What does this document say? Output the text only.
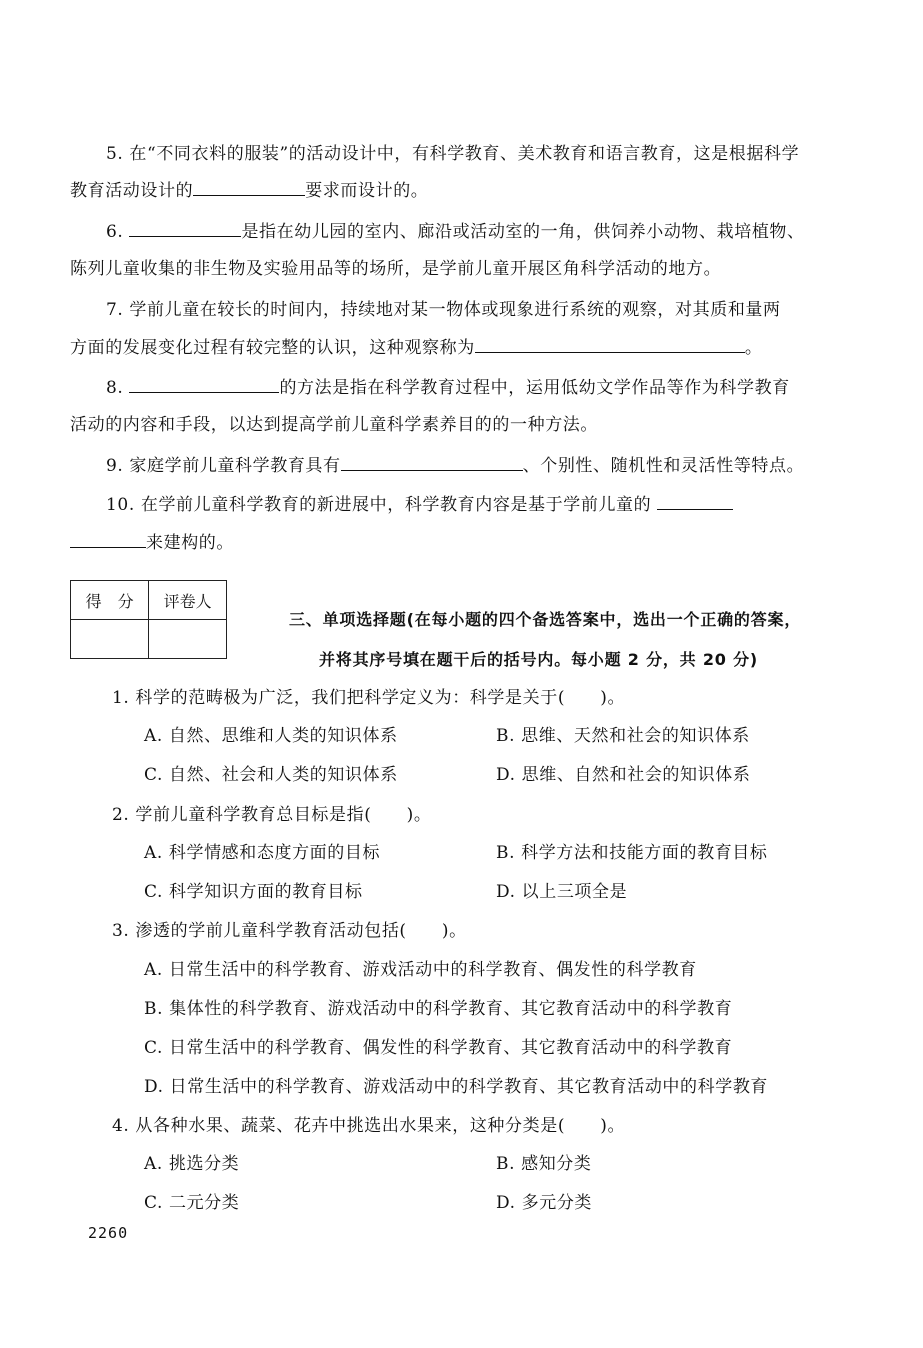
5. 在“不同衣料的服装”的活动设计中，有科学教育、美术教育和语言教育，这是根据科学
教育活动设计的	要求而设计的。
6.	是指在幼儿园的室内、廊沿或活动室的一角，供饲养小动物、栽培植物、
陈列儿童收集的非生物及实验用品等的场所，是学前儿童开展区角科学活动的地方。
7. 学前儿童在较长的时间内，持续地对某一物体或现象进行系统的观察，对其质和量两
方面的发展变化过程有较完整的认识，这种观察称为	。
8.	的方法是指在科学教育过程中，运用低幼文学作品等作为科学教育
活动的内容和手段，以达到提高学前儿童科学素养目的的一种方法。
9. 家庭学前儿童科学教育具有	、个别性、随机性和灵活性等特点。
10. 在学前儿童科学教育的新进展中，科学教育内容是基于学前儿童的
来建构的。
得　分	评卷人

三、单项选择题(在每小题的四个备选答案中，选出一个正确的答案，
并将其序号填在题干后的括号内。每小题 2 分，共 20 分)
1. 科学的范畴极为广泛，我们把科学定义为：科学是关于(　　)。
A. 自然、思维和人类的知识体系	B. 思维、天然和社会的知识体系
C. 自然、社会和人类的知识体系	D. 思维、自然和社会的知识体系
2. 学前儿童科学教育总目标是指(　　)。
A. 科学情感和态度方面的目标	B. 科学方法和技能方面的教育目标
C. 科学知识方面的教育目标	D. 以上三项全是
3. 渗透的学前儿童科学教育活动包括(　　)。
A. 日常生活中的科学教育、游戏活动中的科学教育、偶发性的科学教育
B. 集体性的科学教育、游戏活动中的科学教育、其它教育活动中的科学教育
C. 日常生活中的科学教育、偶发性的科学教育、其它教育活动中的科学教育
D. 日常生活中的科学教育、游戏活动中的科学教育、其它教育活动中的科学教育
4. 从各种水果、蔬菜、花卉中挑选出水果来，这种分类是(　　)。
A. 挑选分类	B. 感知分类
C. 二元分类	D. 多元分类
2260
